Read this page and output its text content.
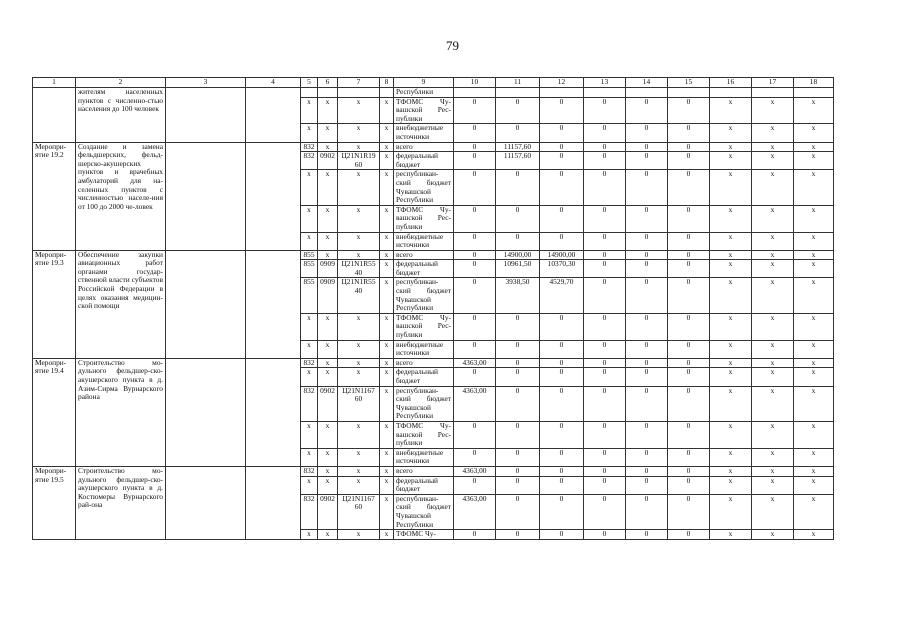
79
1	2	3	4	5	6	7	8	9	10	11	12	13	14	15	16	17	18
	жителям населенных пунктов с численно-стью населения до 100 человек							Республики									
				x	x	x	x	ТФОМС Чу-вашской Рес-публики	0	0	0	0	0	0	x	x	x
				x	x	x	x	внебюджетные источники	0	0	0	0	0	0	x	x	x
Меропри-ятие 19.2	Создание и замена фельдшерских, фельд-шерско-акушерских пунктов и врачебных амбулаторий для на-селенных пунктов с численностью населе-ния от 100 до 2000 че-ловек			832	x	x	x	всего	0	11157,60	0	0	0	0	x	x	x
				832	0902	Ц21N1R19 60	x	федеральный бюджет	0	11157,60	0	0	0	0	x	x	x
				x	x	x	x	республикан-ский бюджет Чувашской Республики	0	0	0	0	0	0	x	x	x
				x	x	x	x	ТФОМС Чу-вашской Рес-публики	0	0	0	0	0	0	x	x	x
				x	x	x	x	внебюджетные источники	0	0	0	0	0	0	x	x	x
Меропри-ятие 19.3	Обеспечение закупки авиационных работ органами государ-ственной власти субъектов Российской Федерации в целях оказания медицин-ской помощи			855	x	x	x	всего	0	14900,00	14900,00	0	0	0	x	x	x
				855	0909	Ц21N1R55 40	x	федеральный бюджет	0	10961,50	10370,30	0	0	0	x	x	x
				855	0909	Ц21N1R55 40	x	республикан-ский бюджет Чувашской Республики	0	3938,50	4529,70	0	0	0	x	x	x
				x	x	x	x	ТФОМС Чу-вашской Рес-публики	0	0	0	0	0	0	x	x	x
				x	x	x	x	внебюджетные источники	0	0	0	0	0	0	x	x	x
Меропри-ятие 19.4	Строительство мо-дульного фельдшер-ско-акушерского пункта в д. Азим-Сирма Вурнарского района			832	x	x	x	всего	4363,00	0	0	0	0	0	x	x	x
				x	x	x	x	федеральный бюджет	0	0	0	0	0	0	x	x	x
				832	0902	Ц21N1167 60	x	республикан-ский бюджет Чувашской Республики	4363,00	0	0	0	0	0	x	x	x
				x	x	x	x	ТФОМС Чу-вашской Рес-публики	0	0	0	0	0	0	x	x	x
				x	x	x	x	внебюджетные источники	0	0	0	0	0	0	x	x	x
Меропри-ятие 19.5	Строительство мо-дульного фельдшер-ско-акушерского пункта в д. Костюмеры Вурнарского рай-она			832	x	x	x	всего	4363,00	0	0	0	0	0	x	x	x
				x	x	x	x	федеральный бюджет	0	0	0	0	0	0	x	x	x
				832	0902	Ц21N1167 60	x	республикан-ский бюджет Чувашской Республики	4363,00	0	0	0	0	0	x	x	x
				x	x	x	x	ТФОМС Чу-	0	0	0	0	0	0	x	x	x
